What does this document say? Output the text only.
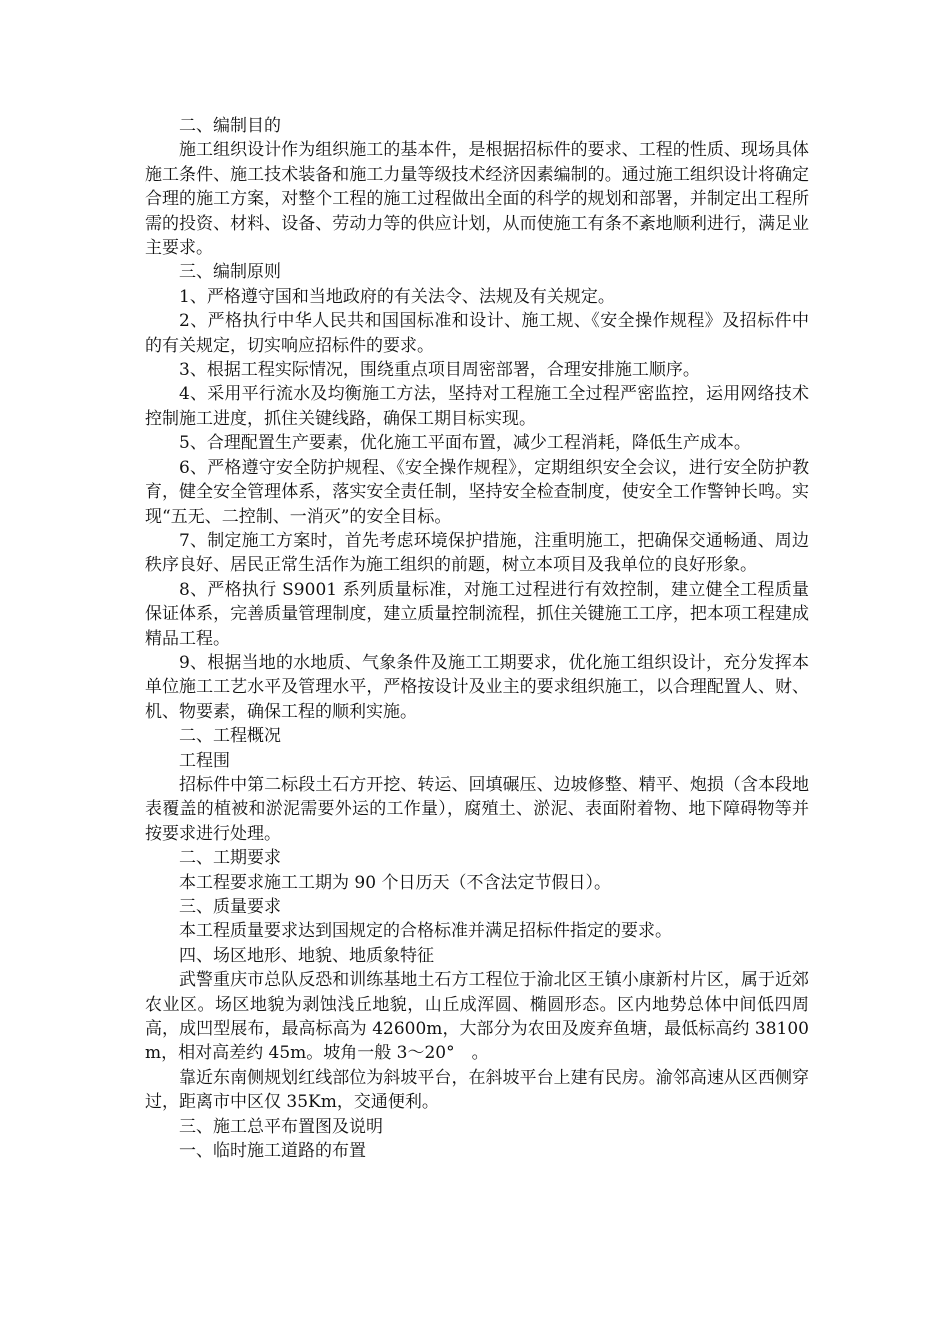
二、编制目的

施工组织设计作为组织施工的基本件，是根据招标件的要求、工程的性质、现场具体施工条件、施工技术装备和施工力量等级技术经济因素编制的。通过施工组织设计将确定合理的施工方案，对整个工程的施工过程做出全面的科学的规划和部署，并制定出工程所需的投资、材料、设备、劳动力等的供应计划，从而使施工有条不紊地顺利进行，满足业主要求。

三、编制原则

1、严格遵守国和当地政府的有关法令、法规及有关规定。

2、严格执行中华人民共和国国标准和设计、施工规、《安全操作规程》及招标件中的有关规定，切实响应招标件的要求。

3、根据工程实际情况，围绕重点项目周密部署，合理安排施工顺序。

4、采用平行流水及均衡施工方法，坚持对工程施工全过程严密监控，运用网络技术控制施工进度，抓住关键线路，确保工期目标实现。

5、合理配置生产要素，优化施工平面布置，减少工程消耗，降低生产成本。

6、严格遵守安全防护规程、《安全操作规程》，定期组织安全会议，进行安全防护教育，健全安全管理体系，落实安全责任制，坚持安全检查制度，使安全工作警钟长鸣。实现“五无、二控制、一消灭”的安全目标。

7、制定施工方案时，首先考虑环境保护措施，注重明施工，把确保交通畅通、周边秩序良好、居民正常生活作为施工组织的前题，树立本项目及我单位的良好形象。

8、严格执行 S9001 系列质量标准，对施工过程进行有效控制，建立健全工程质量保证体系，完善质量管理制度，建立质量控制流程，抓住关键施工工序，把本项工程建成精品工程。

9、根据当地的水地质、气象条件及施工工期要求，优化施工组织设计，充分发挥本单位施工工艺水平及管理水平，严格按设计及业主的要求组织施工，以合理配置人、财、机、物要素，确保工程的顺利实施。

二、工程概况

工程围

招标件中第二标段土石方开挖、转运、回填碾压、边坡修整、精平、炮损（含本段地表覆盖的植被和淤泥需要外运的工作量），腐殖土、淤泥、表面附着物、地下障碍物等并按要求进行处理。

二、工期要求

本工程要求施工工期为 90 个日历天（不含法定节假日）。

三、质量要求

本工程质量要求达到国规定的合格标准并满足招标件指定的要求。

四、场区地形、地貌、地质象特征

武警重庆市总队反恐和训练基地土石方工程位于渝北区王镇小康新村片区，属于近郊农业区。场区地貌为剥蚀浅丘地貌，山丘成浑圆、椭圆形态。区内地势总体中间低四周高，成凹型展布，最高标高为 42600m，大部分为农田及废弃鱼塘，最低标高约 38100m，相对高差约 45m。坡角一般 3～20°　。

靠近东南侧规划红线部位为斜坡平台，在斜坡平台上建有民房。渝邻高速从区西侧穿过，距离市中区仅 35Km，交通便利。

三、施工总平布置图及说明

一、临时施工道路的布置
